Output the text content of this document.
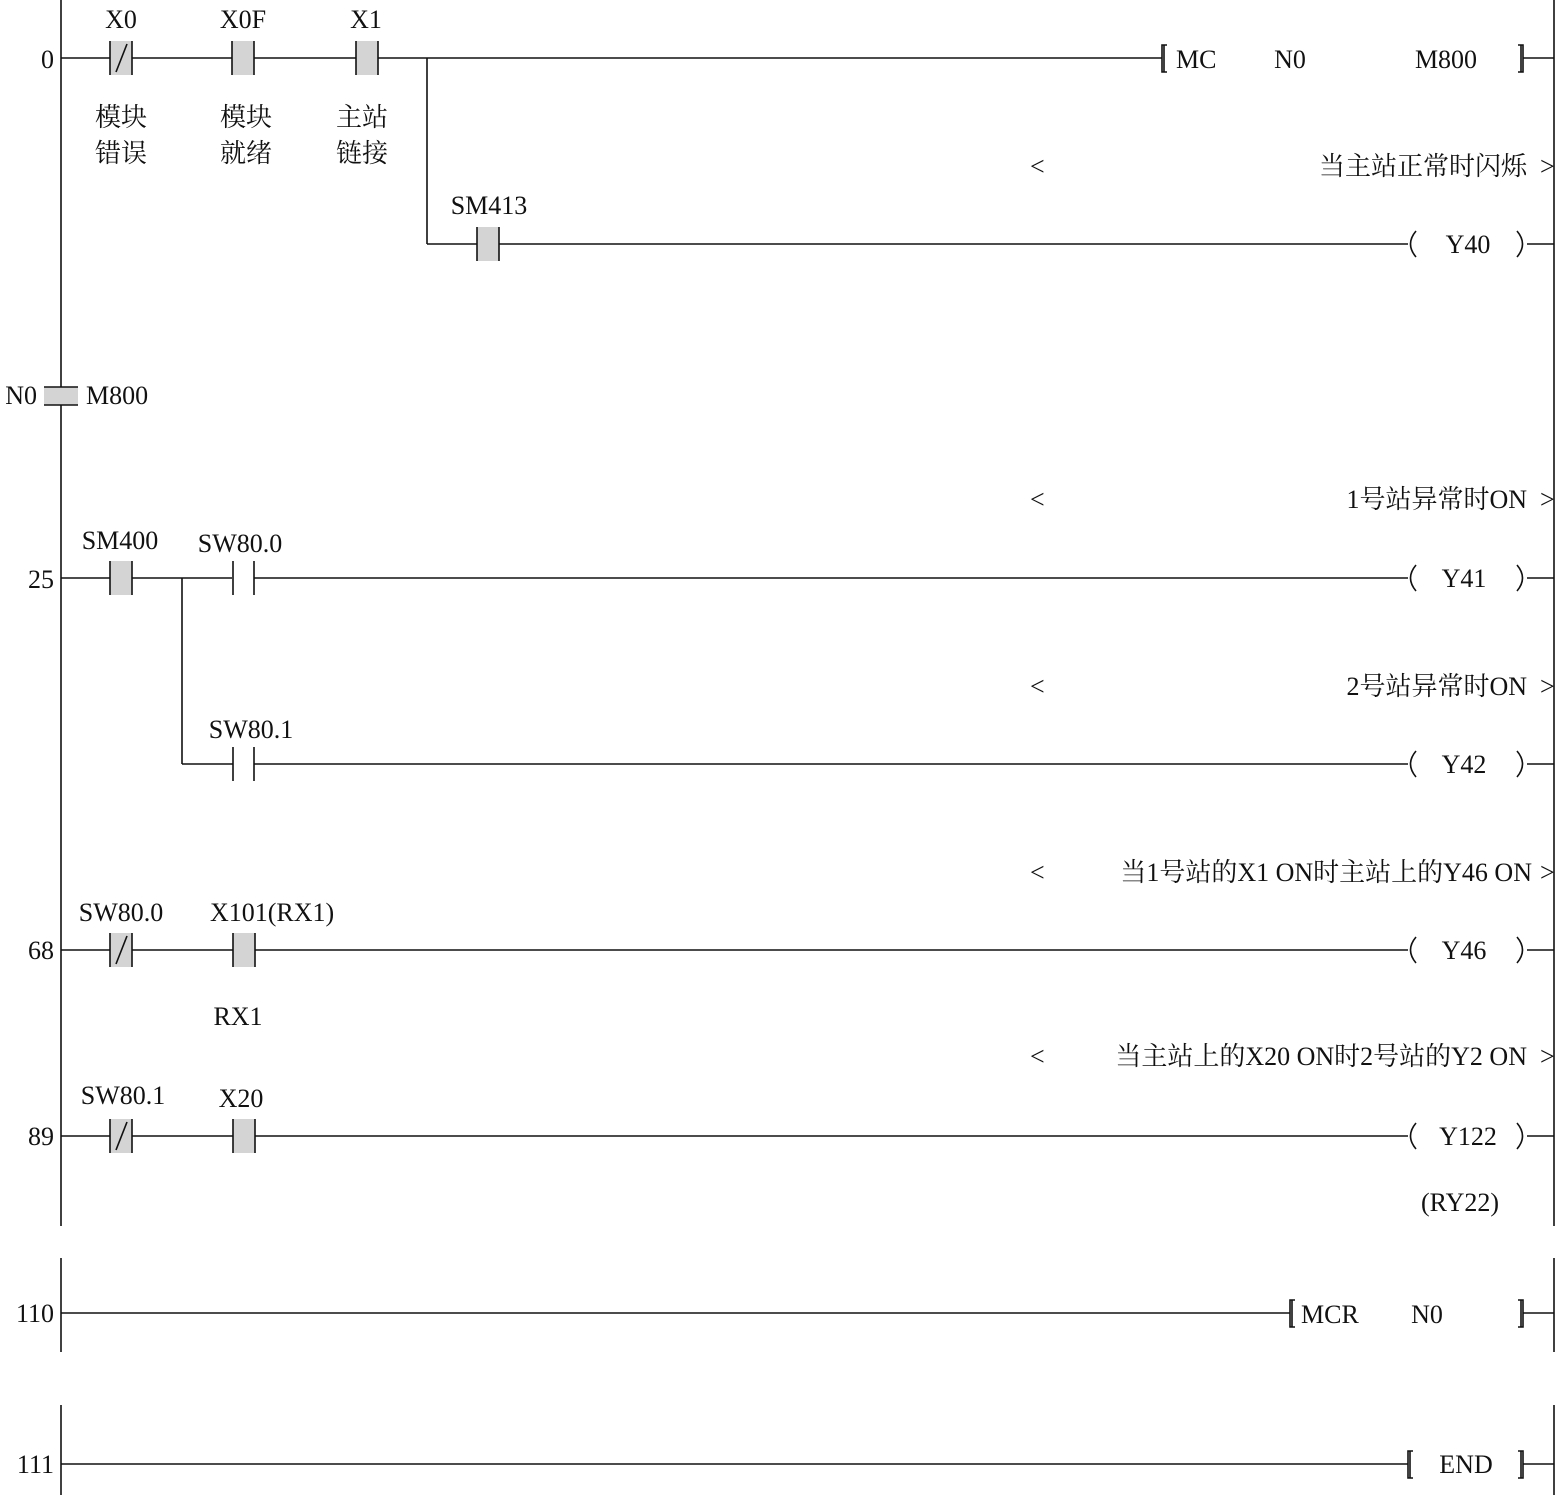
0
X0
模块
错误
X0F
模块
就绪
X1
主站
链接
MC N0	M800
<	当主站正常时闪烁 >
SM413
Y40
N0 M800
<	1号站异常时ON >
25
SM400 SW80.0
Y41
<	2号站异常时ON >
SW80.1
Y42
<	当1号站的X1 ON时主站上的Y46 ON >
68
SW80.0 X101(RX1)
RX1
Y46
<	当主站上的X20 ON时2号站的Y2 ON >
89
SW80.1 X20
Y122
(RY22)
110	MCR N0
111	END
